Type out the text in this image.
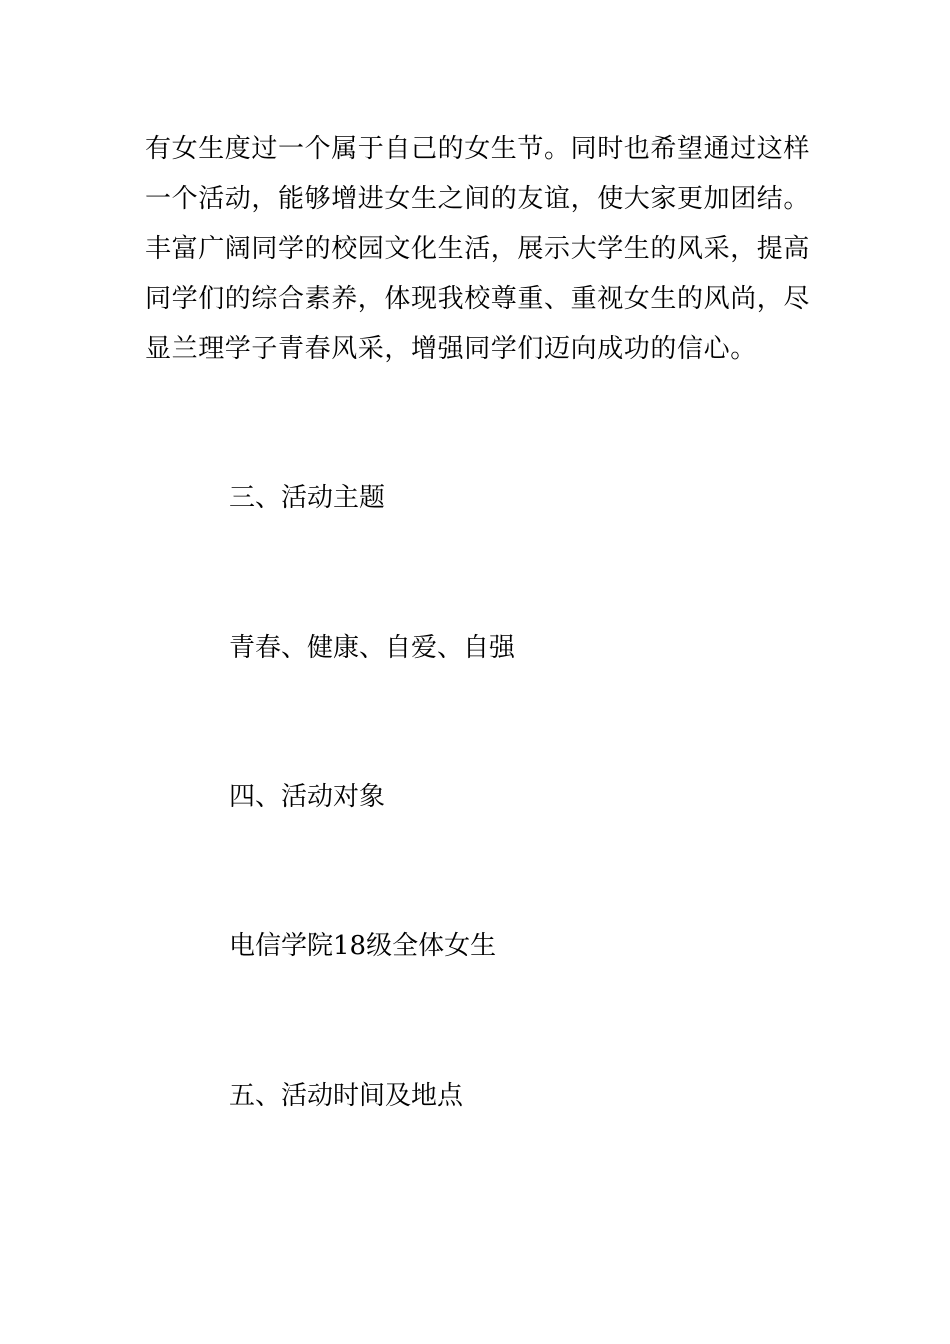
有女生度过一个属于自己的女生节。同时也希望通过这样
一个活动，能够增进女生之间的友谊，使大家更加团结。
丰富广阔同学的校园文化生活，展示大学生的风采，提高
同学们的综合素养，体现我校尊重、重视女生的风尚，尽
显兰理学子青春风采，增强同学们迈向成功的信心。
三、活动主题
青春、健康、自爱、自强
四、活动对象
电信学院18级全体女生
五、活动时间及地点
